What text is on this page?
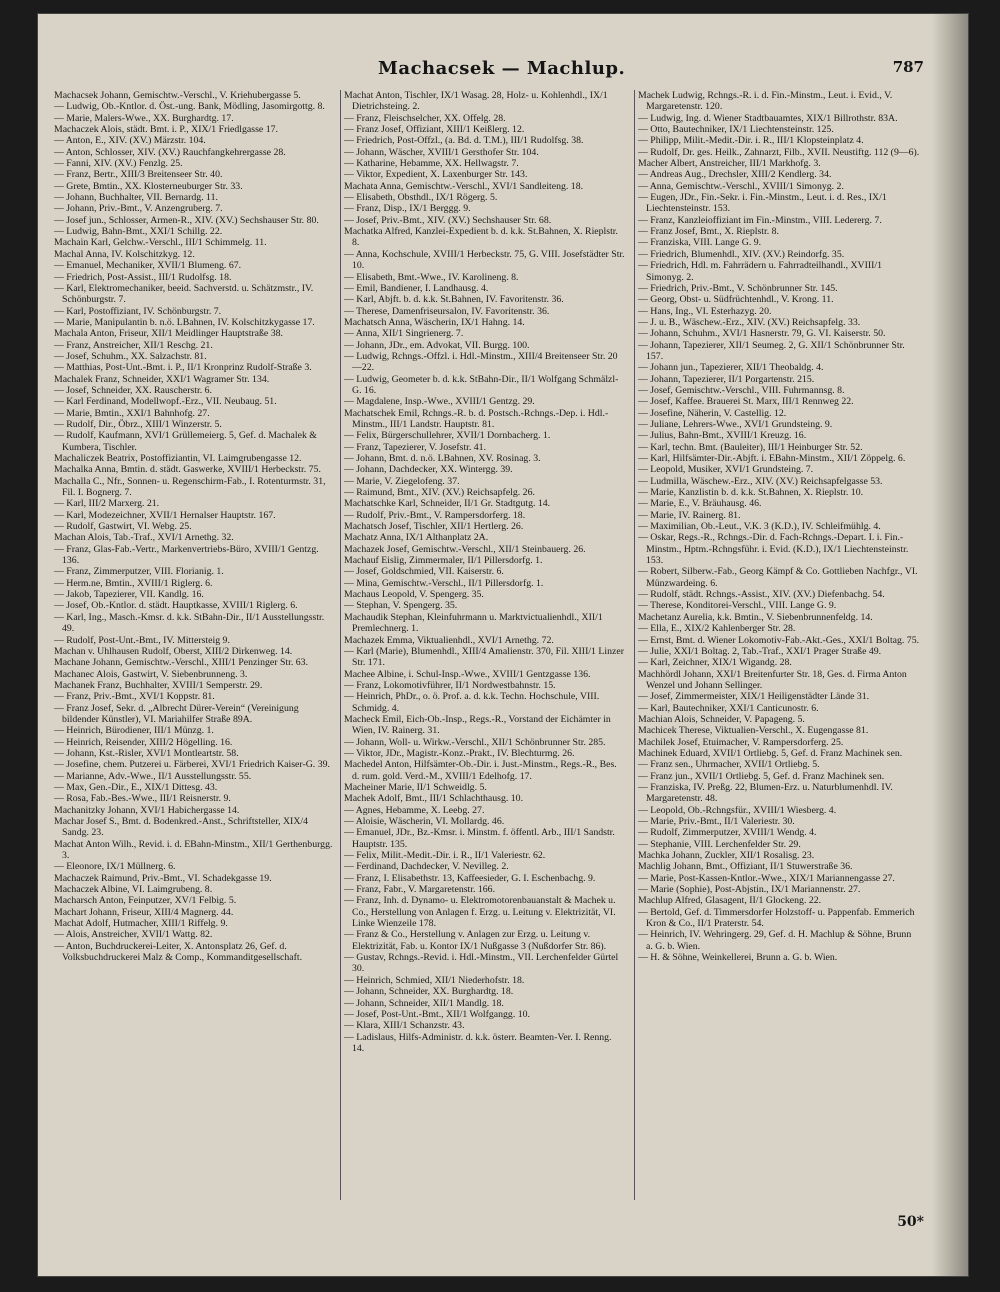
Machacsek — Machlup.	787

Machacsek Johann, Gemischtw.-Verschl., V. Kriehubergasse 5.

— Ludwig, Ob.-Kntlor. d. Öst.-ung. Bank, Mödling, Jasomirgottg. 8.

— Marie, Malers-Wwe., XX. Burghardtg. 17.

Machaczek Alois, städt. Bmt. i. P., XIX/1 Friedlgasse 17.

— Anton, E., XIV. (XV.) Märzstr. 104.

— Anton, Schlosser, XIV. (XV.) Rauchfangkehrergasse 28.

— Fanni, XIV. (XV.) Fenzlg. 25.

— Franz, Bertr., XIII/3 Breitenseer Str. 40.

— Grete, Bmtin., XX. Klosterneuburger Str. 33.

— Johann, Buchhalter, VII. Bernardg. 11.

— Johann, Priv.-Bmt., V. Anzengruberg. 7.

— Josef jun., Schlosser, Armen-R., XIV. (XV.) Sechshauser Str. 80.

— Ludwig, Bahn-Bmt., XXI/1 Schillg. 22.

Machain Karl, Gelchw.-Verschl., III/1 Schimmelg. 11.

Machal Anna, IV. Kolschitzkyg. 12.

— Emanuel, Mechaniker, XVII/1 Blumeng. 67.

— Friedrich, Post-Assist., III/1 Rudolfsg. 18.

— Karl, Elektromechaniker, beeid. Sachverstd. u. Schätzmstr., IV. Schönburgstr. 7.

— Karl, Postoffiziant, IV. Schönburgstr. 7.

— Marie, Manipulantin b. n.ö. LBahnen, IV. Kolschitzkygasse 17.

Machala Anton, Friseur, XII/1 Meidlinger Hauptstraße 38.

— Franz, Anstreicher, XII/1 Reschg. 21.

— Josef, Schuhm., XX. Salzachstr. 81.

— Matthias, Post-Unt.-Bmt. i. P., II/1 Kronprinz Rudolf-Straße 3.

Machalek Franz, Schneider, XXI/1 Wagramer Str. 134.

— Josef, Schneider, XX. Rauscherstr. 6.

— Karl Ferdinand, Modellwopf.-Erz., VII. Neubaug. 51.

— Marie, Bmtin., XXI/1 Bahnhofg. 27.

— Rudolf, Dir., Öbrz., XIII/1 Winzerstr. 5.

— Rudolf, Kaufmann, XVI/1 Grüllemeierg. 5, Gef. d. Machalek & Kumbera, Tischler.

Machaliczek Beatrix, Postoffiziantin, VI. Laimgrubengasse 12.

Machalka Anna, Bmtin. d. städt. Gaswerke, XVIII/1 Herbeckstr. 75.

Machalla C., Nfr., Sonnen- u. Regenschirm-Fab., I. Rotenturmstr. 31, Fil. I. Bognerg. 7.

— Karl, III/2 Marxerg. 21.

— Karl, Modezeichner, XVII/1 Hernalser Hauptstr. 167.

— Rudolf, Gastwirt, VI. Webg. 25.

Machan Alois, Tab.-Traf., XVI/1 Arnethg. 32.

— Franz, Glas-Fab.-Vertr., Markenvertriebs-Büro, XVIII/1 Gentzg. 136.

— Franz, Zimmerputzer, VIII. Florianig. 1.

— Herm.ne, Bmtin., XVIII/1 Riglerg. 6.

— Jakob, Tapezierer, VII. Kandlg. 16.

— Josef, Ob.-Kntlor. d. städt. Hauptkasse, XVIII/1 Riglerg. 6.

— Karl, Ing., Masch.-Kmsr. d. k.k. StBahn-Dir., II/1 Ausstellungsstr. 49.

— Rudolf, Post-Unt.-Bmt., IV. Mittersteig 9.

Machan v. Uhlhausen Rudolf, Oberst, XIII/2 Dirkenweg. 14.

Machane Johann, Gemischtw.-Verschl., XIII/1 Penzinger Str. 63.

Machanec Alois, Gastwirt, V. Siebenbrunneng. 3.

Machanek Franz, Buchhalter, XVIII/1 Semperstr. 29.

— Franz, Priv.-Bmt., XVI/1 Koppstr. 81.

— Franz Josef, Sekr. d. „Albrecht Dürer-Verein“ (Vereinigung bildender Künstler), VI. Mariahilfer Straße 89A.

— Heinrich, Bürodiener, III/1 Münzg. 1.

— Heinrich, Reisender, XIII/2 Högelling. 16.

— Johann, Kst.-Risler, XVI/1 Montleartstr. 58.

— Josefine, chem. Putzerei u. Färberei, XVI/1 Friedrich Kaiser-G. 39.

— Marianne, Adv.-Wwe., II/1 Ausstellungsstr. 55.

— Max, Gen.-Dir., E., XIX/1 Dittesg. 43.

— Rosa, Fab.-Bes.-Wwe., III/1 Reisnerstr. 9.

Machanitzky Johann, XVI/1 Habichergasse 14.

Machar Josef S., Bmt. d. Bodenkred.-Anst., Schriftsteller, XIX/4 Sandg. 23.

Machat Anton Wilh., Revid. i. d. EBahn-Minstm., XII/1 Gerthenburgg. 3.

— Eleonore, IX/1 Müllnerg. 6.

Machaczek Raimund, Priv.-Bmt., VI. Schadekgasse 19.

Machaczek Albine, VI. Laimgrubeng. 8.

Macharsch Anton, Feinputzer, XV/1 Felbig. 5.

Machart Johann, Friseur, XIII/4 Magnerg. 44.

Machat Adolf, Hutmacher, XIII/1 Riffelg. 9.

— Alois, Anstreicher, XVII/1 Wattg. 82.

— Anton, Buchdruckerei-Leiter, X. Antonsplatz 26, Gef. d. Volksbuchdruckerei Malz & Comp., Kommanditgesellschaft.

Machat Anton, Tischler, IX/1 Wasag. 28, Holz- u. Kohlenhdl., IX/1 Dietrichsteing. 2.

— Franz, Fleischselcher, XX. Offelg. 28.

— Franz Josef, Offiziant, XIII/1 Keißlerg. 12.

— Friedrich, Post-Offzl., (a. Bd. d. T.M.), III/1 Rudolfsg. 38.

— Johann, Wäscher, XVIII/1 Gersthofer Str. 104.

— Katharine, Hebamme, XX. Hellwagstr. 7.

— Viktor, Expedient, X. Laxenburger Str. 143.

Machata Anna, Gemischtw.-Verschl., XVI/1 Sandleiteng. 18.

— Elisabeth, Obsthdl., IX/1 Rögerg. 5.

— Franz, Disp., IX/1 Berggg. 9.

— Josef, Priv.-Bmt., XIV. (XV.) Sechshauser Str. 68.

Machatka Alfred, Kanzlei-Expedient b. d. k.k. St.Bahnen, X. Rieplstr. 8.

— Anna, Kochschule, XVIII/1 Herbeckstr. 75, G. VIII. Josefstädter Str. 10.

— Elisabeth, Bmt.-Wwe., IV. Karolineng. 8.

— Emil, Bandiener, I. Landhausg. 4.

— Karl, Abjft. b. d. k.k. St.Bahnen, IV. Favoritenstr. 36.

— Therese, Damenfriseursalon, IV. Favoritenstr. 36.

Machatsch Anna, Wäscherin, IX/1 Hahng. 14.

— Anna, XII/1 Singrienerg. 7.

— Johann, JDr., em. Advokat, VII. Burgg. 100.

— Ludwig, Rchngs.-Offzl. i. Hdl.-Minstm., XIII/4 Breitenseer Str. 20—22.

— Ludwig, Geometer b. d. k.k. StBahn-Dir., II/1 Wolfgang Schmälzl-G. 16.

— Magdalene, Insp.-Wwe., XVIII/1 Gentzg. 29.

Machatschek Emil, Rchngs.-R. b. d. Postsch.-Rchngs.-Dep. i. Hdl.-Minstm., III/1 Landstr. Hauptstr. 81.

— Felix, Bürgerschullehrer, XVII/1 Dornbacherg. 1.

— Franz, Tapezierer, V. Josefstr. 41.

— Johann, Bmt. d. n.ö. LBahnen, XV. Rosinag. 3.

— Johann, Dachdecker, XX. Wintergg. 39.

— Marie, V. Ziegelofeng. 37.

— Raimund, Bmt., XIV. (XV.) Reichsapfelg. 26.

Machatschke Karl, Schneider, II/1 Gr. Stadtgutg. 14.

— Rudolf, Priv.-Bmt., V. Rampersdorferg. 18.

Machatsch Josef, Tischler, XII/1 Hertlerg. 26.

Machatz Anna, IX/1 Althanplatz 2A.

Machazek Josef, Gemischtw.-Verschl., XII/1 Steinbauerg. 26.

Machauf Eislig, Zimmermaler, II/1 Pillersdorfg. 1.

— Josef, Goldschmied, VII. Kaiserstr. 6.

— Mina, Gemischtw.-Verschl., II/1 Pillersdorfg. 1.

Machaus Leopold, V. Spengerg. 35.

— Stephan, V. Spengerg. 35.

Machaudik Stephan, Kleinfuhrmann u. Marktvictualienhdl., XII/1 Premlechnerg. 1.

Machazek Emma, Viktualienhdl., XVI/1 Arnethg. 72.

— Karl (Marie), Blumenhdl., XIII/4 Amalienstr. 370, Fil. XIII/1 Linzer Str. 171.

Machee Albine, i. Schul-Insp.-Wwe., XVIII/1 Gentzgasse 136.

— Franz, Lokomotivführer, II/1 Nordwestbahnstr. 15.

— Heinrich, PhDr., o. ö. Prof. a. d. k.k. Techn. Hochschule, VIII. Schmidg. 4.

Macheck Emil, Eich-Ob.-Insp., Regs.-R., Vorstand der Eichämter in Wien, IV. Rainerg. 31.

— Johann, Woll- u. Wirkw.-Verschl., XII/1 Schönbrunner Str. 285.

— Viktor, JDr., Magistr.-Konz.-Prakt., IV. Blechturmg. 26.

Machedel Anton, Hilfsämter-Ob.-Dir. i. Just.-Minstm., Regs.-R., Bes. d. rum. gold. Verd.-M., XVIII/1 Edelhofg. 17.

Macheiner Marie, II/1 Schweidlg. 5.

Machek Adolf, Bmt., III/1 Schlachthausg. 10.

— Agnes, Hebamme, X. Leebg. 27.

— Aloisie, Wäscherin, VI. Mollardg. 46.

— Emanuel, JDr., Bz.-Kmsr. i. Minstm. f. öffentl. Arb., III/1 Sandstr. Hauptstr. 135.

— Felix, Milit.-Medit.-Dir. i. R., II/1 Valeriestr. 62.

— Ferdinand, Dachdecker, V. Nevilleg. 2.

— Franz, I. Elisabethstr. 13, Kaffeesieder, G. I. Eschenbachg. 9.

— Franz, Fabr., V. Margaretenstr. 166.

— Franz, Inh. d. Dynamo- u. Elektromotorenbauanstalt & Machek u. Co., Herstellung von Anlagen f. Erzg. u. Leitung v. Elektrizität, VI. Linke Wienzeile 178.

— Franz & Co., Herstellung v. Anlagen zur Erzg. u. Leitung v. Elektrizität, Fab. u. Kontor IX/1 Nußgasse 3 (Nußdorfer Str. 86).

— Gustav, Rchngs.-Revid. i. Hdl.-Minstm., VII. Lerchenfelder Gürtel 30.

— Heinrich, Schmied, XII/1 Niederhofstr. 18.

— Johann, Schneider, XX. Burghardtg. 18.

— Johann, Schneider, XII/1 Mandlg. 18.

— Josef, Post-Unt.-Bmt., XII/1 Wolfgangg. 10.

— Klara, XIII/1 Schanzstr. 43.

— Ladislaus, Hilfs-Administr. d. k.k. österr. Beamten-Ver. I. Renng. 14.

Machek Ludwig, Rchngs.-R. i. d. Fin.-Minstm., Leut. i. Evid., V. Margaretenstr. 120.

— Ludwig, Ing. d. Wiener Stadtbauamtes, XIX/1 Billrothstr. 83A.

— Otto, Bautechniker, IX/1 Liechtensteinstr. 125.

— Philipp, Milit.-Medit.-Dir. i. R., III/1 Klopsteinplatz 4.

— Rudolf, Dr. ges. Heilk., Zahnarzt, Filb., XVII. Neustiftg. 112 (9—6).

Macher Albert, Anstreicher, III/1 Markhofg. 3.

— Andreas Aug., Drechsler, XIII/2 Kendlerg. 34.

— Anna, Gemischtw.-Verschl., XVIII/1 Simonyg. 2.

— Eugen, JDr., Fin.-Sekr. i. Fin.-Minstm., Leut. i. d. Res., IX/1 Liechtensteinstr. 153.

— Franz, Kanzleioffiziant im Fin.-Minstm., VIII. Ledererg. 7.

— Franz Josef, Bmt., X. Rieplstr. 8.

— Franziska, VIII. Lange G. 9.

— Friedrich, Blumenhdl., XIV. (XV.) Reindorfg. 35.

— Friedrich, Hdl. m. Fahrrädern u. Fahrradteilhandl., XVIII/1 Simonyg. 2.

— Friedrich, Priv.-Bmt., V. Schönbrunner Str. 145.

— Georg, Obst- u. Südfrüchtenhdl., V. Krong. 11.

— Hans, Ing., VI. Esterhazyg. 20.

— J. u. B., Wäschew.-Erz., XIV. (XV.) Reichsapfelg. 33.

— Johann, Schuhm., XVI/1 Hasnerstr. 79, G. VI. Kaiserstr. 50.

— Johann, Tapezierer, XII/1 Seumeg. 2, G. XII/1 Schönbrunner Str. 157.

— Johann jun., Tapezierer, XII/1 Theobaldg. 4.

— Johann, Tapezierer, II/1 Porgartenstr. 215.

— Josef, Gemischtw.-Verschl., VIII. Fuhrmannsg. 8.

— Josef, Kaffee. Brauerei St. Marx, III/1 Rennweg 22.

— Josefine, Näherin, V. Castellig. 12.

— Juliane, Lehrers-Wwe., XVI/1 Grundsteing. 9.

— Julius, Bahn-Bmt., XVIII/1 Kreuzg. 16.

— Karl, techn. Bmt. (Bauleiter), III/1 Heinburger Str. 52.

— Karl, Hilfsämter-Dir.-Abjft. i. EBahn-Minstm., XII/1 Zöppelg. 6.

— Leopold, Musiker, XVI/1 Grundsteing. 7.

— Ludmilla, Wäschew.-Erz., XIV. (XV.) Reichsapfelgasse 53.

— Marie, Kanzlistin b. d. k.k. St.Bahnen, X. Rieplstr. 10.

— Marie, E., V. Bräuhausg. 46.

— Marie, IV. Rainerg. 81.

— Maximilian, Ob.-Leut., V.K. 3 (K.D.), IV. Schleifmühlg. 4.

— Oskar, Regs.-R., Rchngs.-Dir. d. Fach-Rchngs.-Depart. I. i. Fin.-Minstm., Hptm.-Rchngsführ. i. Evid. (K.D.), IX/1 Liechtensteinstr. 153.

— Robert, Silberw.-Fab., Georg Kämpf & Co. Gottlieben Nachfgr., VI. Münzwardeing. 6.

— Rudolf, städt. Rchngs.-Assist., XIV. (XV.) Diefenbachg. 54.

— Therese, Konditorei-Verschl., VIII. Lange G. 9.

Machetanz Aurelia, k.k. Bmtin., V. Siebenbrunnenfeldg. 14.

— Ella, E., XIX/2 Kahlenberger Str. 28.

— Ernst, Bmt. d. Wiener Lokomotiv-Fab.-Akt.-Ges., XXI/1 Boltag. 75.

— Julie, XXI/1 Boltag. 2, Tab.-Traf., XXI/1 Prager Straße 49.

— Karl, Zeichner, XIX/1 Wigandg. 28.

Machhördl Johann, XXI/1 Breitenfurter Str. 18, Ges. d. Firma Anton Wenzel und Johann Sellinger.

— Josef, Zimmermeister, XIX/1 Heiligenstädter Lände 31.

— Karl, Bautechniker, XXI/1 Canticunostr. 6.

Machian Alois, Schneider, V. Papageng. 5.

Machicek Therese, Viktualien-Verschl., X. Eugengasse 81.

Machilek Josef, Etuimacher, V. Rampersdorferg. 25.

Machinek Eduard, XVII/1 Ortliebg. 5, Gef. d. Franz Machinek sen.

— Franz sen., Uhrmacher, XVII/1 Ortliebg. 5.

— Franz jun., XVII/1 Ortliebg. 5, Gef. d. Franz Machinek sen.

— Franziska, IV. Preßg. 22, Blumen-Erz. u. Naturblumenhdl. IV. Margaretenstr. 48.

— Leopold, Ob.-Rchngsfür., XVIII/1 Wiesberg. 4.

— Marie, Priv.-Bmt., II/1 Valeriestr. 30.

— Rudolf, Zimmerputzer, XVIII/1 Wendg. 4.

— Stephanie, VIII. Lerchenfelder Str. 29.

Machka Johann, Zuckler, XII/1 Rosalisg. 23.

Machlig Johann, Bmt., Offiziant, II/1 Stuwerstraße 36.

— Marie, Post-Kassen-Kntlor.-Wwe., XIX/1 Mariannengasse 27.

— Marie (Sophie), Post-Abjstin., IX/1 Mariannenstr. 27.

Machlup Alfred, Glasagent, II/1 Glockeng. 22.

— Bertold, Gef. d. Timmersdorfer Holzstoff- u. Pappenfab. Emmerich Kron & Co., II/1 Praterstr. 54.

— Heinrich, IV. Wehringerg. 29, Gef. d. H. Machlup & Söhne, Brunn a. G. b. Wien.

— H. & Söhne, Weinkellerei, Brunn a. G. b. Wien.

50*
